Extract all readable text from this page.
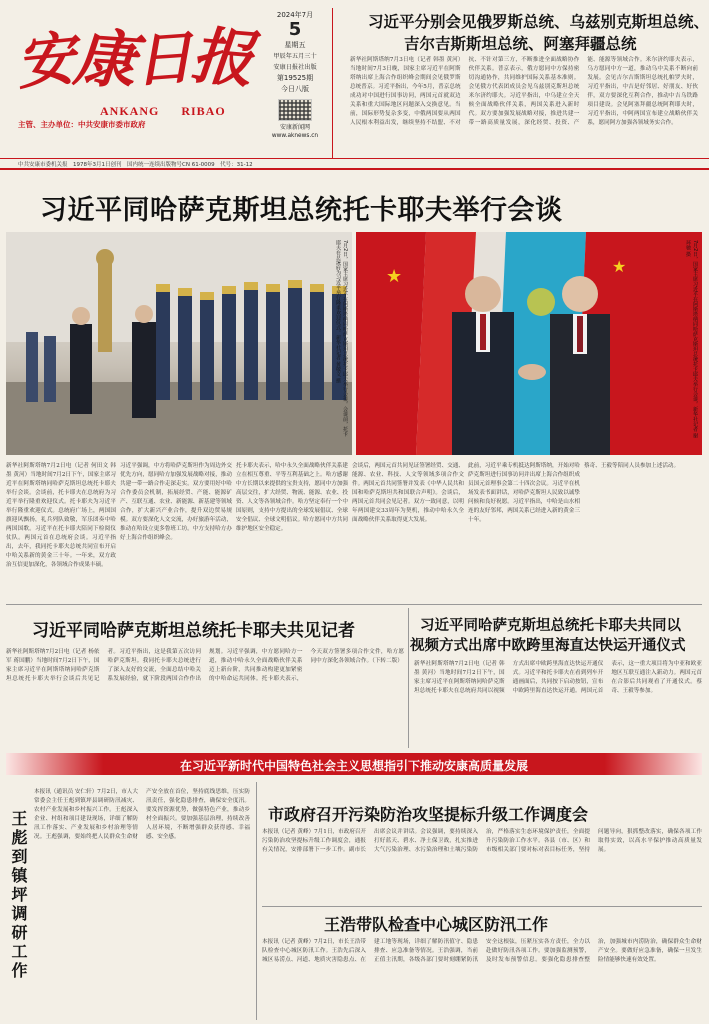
安
康
日
报
ANKANG RIBAO
主管、主办单位：中共安康市委市政府
2024年7月
5
星期五
甲辰年五月三十
安康日报社出版
第19525期
今日八版
安康新闻网
www.aknews.cn
中共安康市委机关报　1978年3月1日创刊　国内统一连续出版物号CN 61-0009　代号：31-12
习近平分别会见俄罗斯总统、乌兹别克斯坦总统、
吉尔吉斯斯坦总统、阿塞拜疆总统
新华社阿斯塔纳7月3日电（记者 韩墨 黄河）当地时间7月3日晚，国家主席习近平在阿斯塔纳出席上海合作组织峰会期间会见俄罗斯总统普京。习近平指出，今年5月，普京总统成功对中国进行国事访问，两国元首就双边关系和重大国际地区问题深入交换意见。当前，国际形势复杂多变，中俄两国要从两国人民根本利益出发，继续坚持不结盟、不对抗、不针对第三方，不断推进全面战略协作伙伴关系。普京表示，俄方愿同中方保持密切沟通协作，共同维护国际关系基本准则。会见俄方代表团成员会见乌兹别克斯坦总统米尔济约耶夫。习近平指出，中乌建立全天候全面战略伙伴关系，两国关系进入新时代。双方要加强发展战略对接，推进共建一带一路高质量发展，深化经贸、投资、产能、能源等领域合作。米尔济约耶夫表示，乌方愿同中方一道，推动乌中关系不断向前发展。会见吉尔吉斯斯坦总统扎帕罗夫时，习近平指出，中吉是好邻居、好朋友、好伙伴，双方要深化互利合作，推动中吉乌铁路项目建设。会见阿塞拜疆总统阿利耶夫时，习近平指出，中阿两国宣布建立战略伙伴关系，愿同阿方加强各领域务实合作。
习近平同哈萨克斯坦总统托卡耶夫举行会谈
7月2日，国家主席习近平在阿斯塔纳同哈萨克斯坦总统托卡耶夫举行会谈。会谈前，托卡耶夫在总统府为习近平举行隆重欢迎仪式。新华社记者 黄敬文 摄	★	★	7月2日，国家主席习近平在阿斯塔纳同哈萨克斯坦总统托卡耶夫举行会谈。新华社记者 谢环驰 摄
新华社阿斯塔纳7月2日电（记者 何田文 韩墨 黄河）当地时间7月2日下午，国家主席习近平在阿斯塔纳同哈萨克斯坦总统托卡耶夫举行会谈。会谈前，托卡耶夫在总统府为习近平举行隆重欢迎仪式。托卡耶夫为习近平举行隆重欢迎仪式。总统府广场上，两国国旗迎风飘扬，礼兵列队致敬，军乐团奏中哈两国国歌。习近平在托卡耶夫陪同下检阅仪仗队。两国元首在总统府会谈。习近平指出，去年，我同托卡耶夫总统共同宣布开启中哈关系新的黄金三十年。一年来，双方政治互信更加深化，各领域合作成果丰硕。
习近平强调，中方将哈萨克斯坦作为周边外交优先方向，愿同哈方加强发展战略对接，推动共建一带一路合作走深走实。双方要用好中哈合作委员会机制，拓展经贸、产能、能源矿产、互联互通、农业、新能源、新基建等领域合作，扩大新兴产业合作，提升双边贸易规模。双方要深化人文交流，办好旅游年活动，推动在哈设立更多鲁班工坊。中方支持哈方办好上海合作组织峰会。
托卡耶夫表示，哈中永久全面战略伙伴关系建立在相互尊重、平等互利基础之上。哈方感谢中方长期以来提供的宝贵支持，愿同中方加强高层交往，扩大经贸、物流、能源、农业、投资、人文等各领域合作。哈方坚定奉行一个中国原则，支持中方提出的全球发展倡议、全球安全倡议、全球文明倡议。哈方愿同中方共同维护地区安全稳定。
会谈后，两国元首共同见证签署经贸、交通、能源、农业、科技、人文等领域多项合作文件。两国元首共同签署并发表《中华人民共和国和哈萨克斯坦共和国联合声明》。会谈后，两国元首共同会见记者。双方一致同意，以明年两国建交33周年为契机，推动中哈永久全面战略伙伴关系取得更大发展。
此前，习近平乘专机抵达阿斯塔纳，开始对哈萨克斯坦进行国事访问并出席上海合作组织成员国元首理事会第二十四次会议。习近平在机场发表书面讲话，对哈萨克斯坦人民致以诚挚问候和良好祝愿。习近平指出，中哈是山水相连的友好邻邦，两国关系已经进入新的黄金三十年。
蔡奇、王毅等陪同人员参加上述活动。
习近平同哈萨克斯坦总统托卡耶夫共见记者
新华社阿斯塔纳7月2日电（记者 杨依军 蒋国鹏）当地时间7月2日下午，国家主席习近平在阿斯塔纳同哈萨克斯坦总统托卡耶夫举行会谈后共见记者。习近平指出，这是我第五次访问哈萨克斯坦。我同托卡耶夫总统进行了深入友好的交流，全面总结中哈关系发展经验，就下阶段两国合作作出规划。习近平强调，中方愿同哈方一道，推动中哈永久全面战略伙伴关系迈上新台阶，共同推动构建更加紧密的中哈命运共同体。托卡耶夫表示，今天双方签署多项合作文件，哈方愿同中方深化各领域合作。（下转二版）
习近平同哈萨克斯坦总统托卡耶夫共同以
视频方式出席中欧跨里海直达快运开通仪式
新华社阿斯塔纳7月2日电（记者 韩墨 黄河）当地时间7月2日下午，国家主席习近平在阿斯塔纳同哈萨克斯坦总统托卡耶夫在总统府共同以视频方式出席中欧跨里海直达快运开通仪式。习近平和托卡耶夫在看到列车开通画面后，共同按下启动按钮，宣布中欧跨里海直达快运开通。两国元首表示，这一重大项目将为中亚和欧亚地区互联互通注入新动力。两国元首在合影后共同观看了开通仪式。蔡奇、王毅等参加。
在习近平新时代中国特色社会主义思想指引下推动安康高质量发展
王彪到镇坪调研工作
本报讯（通讯员 安仁轩）7月2日，市人大常委会主任王彪到镇坪县调研防汛减灾、农村产业发展和乡村振兴工作。王彪深入企业、村组和项目建设现场，详细了解防汛工作落实、产业发展和乡村治理等情况。王彪强调，要始终把人民群众生命财产安全放在首位，坚持底线思维，压实防汛责任，强化隐患排查，确保安全度汛。要发挥资源优势，做强特色产业，推动乡村全面振兴。要加强基层治理，持续改善人居环境，不断增强群众获得感、幸福感、安全感。
市政府召开污染防治攻坚提标升级工作调度会
本报讯（记者 黄峰）7月1日，市政府召开污染防治攻坚提标升级工作调度会，通报有关情况，安排部署下一步工作。副市长出席会议并讲话。会议强调，要持续深入打好蓝天、碧水、净土保卫战，扎实推进大气污染治理、水污染治理和土壤污染防治，严格落实生态环境保护责任，全面提升污染防治工作水平。各县（市、区）和市级相关部门要对标对表目标任务，坚持问题导向，狠抓整改落实，确保各项工作取得实效，以高水平保护推动高质量发展。
王浩带队检查中心城区防汛工作
本报讯（记者 黄峰）7月2日，市长王浩带队检查中心城区防汛工作。王浩先后深入城区易涝点、河道、地质灾害隐患点、在建工地等现场，详细了解防汛值守、隐患排查、应急准备等情况。王浩强调，当前正值主汛期，各级各部门要时刻绷紧防汛安全这根弦，压紧压实各方责任，全力以赴做好防汛各项工作。要加强监测预警，及时发布预警信息。要强化隐患排查整治，加强城市内涝防治，确保群众生命财产安全。要做好应急准备，确保一旦发生险情能够快速有效处置。
